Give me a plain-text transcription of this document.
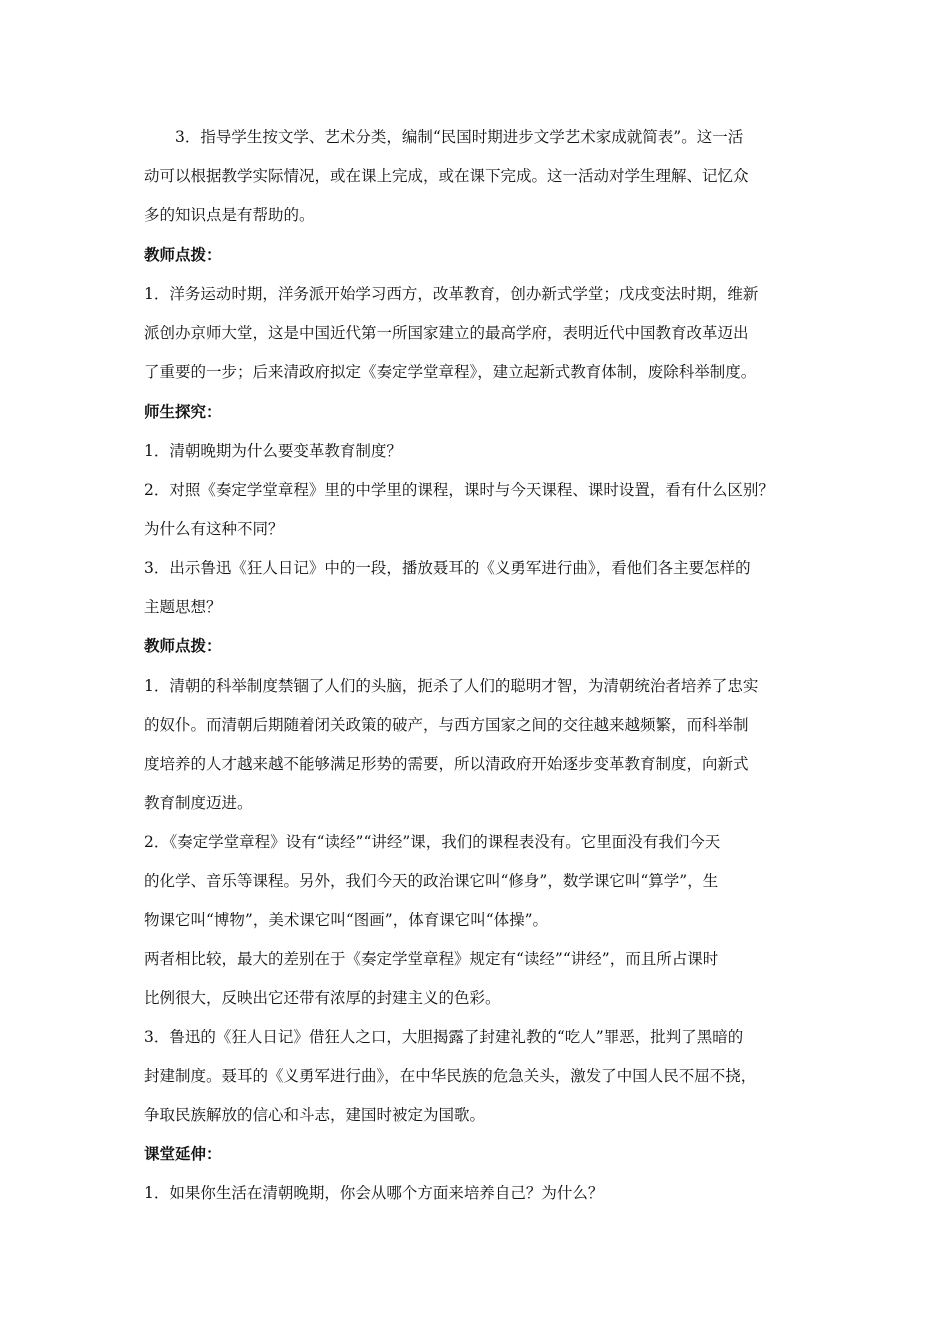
　　3．指导学生按文学、艺术分类，编制“民国时期进步文学艺术家成就简表”。这一活
动可以根据教学实际情况，或在课上完成，或在课下完成。这一活动对学生理解、记忆众
多的知识点是有帮助的。
教师点拨：
1．洋务运动时期，洋务派开始学习西方，改革教育，创办新式学堂；戊戌变法时期，维新
派创办京师大堂，这是中国近代第一所国家建立的最高学府，表明近代中国教育改革迈出
了重要的一步；后来清政府拟定《奏定学堂章程》，建立起新式教育体制，废除科举制度。
师生探究：
1．清朝晚期为什么要变革教育制度？
2．对照《奏定学堂章程》里的中学里的课程，课时与今天课程、课时设置，看有什么区别？
为什么有这种不同？
3．出示鲁迅《狂人日记》中的一段，播放聂耳的《义勇军进行曲》，看他们各主要怎样的
主题思想？
教师点拨：
1．清朝的科举制度禁锢了人们的头脑，扼杀了人们的聪明才智，为清朝统治者培养了忠实
的奴仆。而清朝后期随着闭关政策的破产，与西方国家之间的交往越来越频繁，而科举制
度培养的人才越来越不能够满足形势的需要，所以清政府开始逐步变革教育制度，向新式
教育制度迈进。
2．《奏定学堂章程》设有“读经”“讲经”课，我们的课程表没有。它里面没有我们今天
的化学、音乐等课程。另外，我们今天的政治课它叫“修身”，数学课它叫“算学”，生
物课它叫“博物”，美术课它叫“图画”，体育课它叫“体操”。
两者相比较，最大的差别在于《奏定学堂章程》规定有“读经”“讲经”，而且所占课时
比例很大，反映出它还带有浓厚的封建主义的色彩。
3．鲁迅的《狂人日记》借狂人之口，大胆揭露了封建礼教的“吃人”罪恶，批判了黑暗的
封建制度。聂耳的《义勇军进行曲》，在中华民族的危急关头，激发了中国人民不屈不挠，
争取民族解放的信心和斗志，建国时被定为国歌。
课堂延伸：
1．如果你生活在清朝晚期，你会从哪个方面来培养自己？为什么？
